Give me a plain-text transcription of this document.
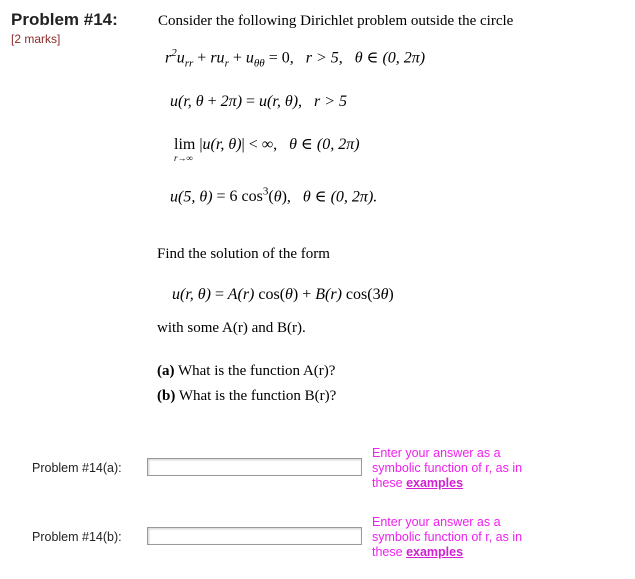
Problem #14:
[2 marks]
Consider the following Dirichlet problem outside the circle
$r^2u_{rr} + ru_r + u_{\theta\theta} = 0$, r > 5, θ ∈ (0, 2π)
u(r, θ + 2π) = u(r, θ),   r > 5
lim
r→∞
|u(r, θ)| < ∞, θ ∈ (0, 2π)
u(5, θ) = 6 $\cos^3(\theta)$, θ ∈ (0, 2π).
Find the solution of the form
u(r, θ) = A(r) cos(θ) + B(r) cos(3θ)
with some A(r) and B(r).
(a) What is the function A(r)?
(b) What is the function B(r)?
Problem #14(a):
Enter your answer as a symbolic function of r, as in these examples
Problem #14(b):
Enter your answer as a symbolic function of r, as in these examples
